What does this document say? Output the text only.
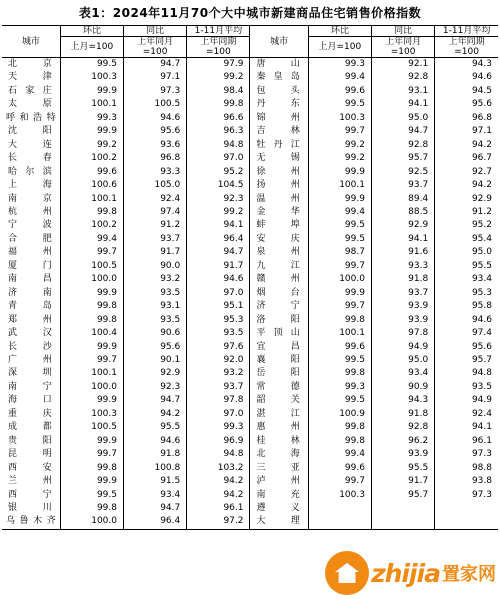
表1：2024年11月70个大中城市新建商品住宅销售价格指数
城市	环比	同比	1-11月平均	城市	环比	同比	1-11月平均
	上月=100	上年同月=100	上年同期=100		上月=100	上年同月=100	上年同期=100
北　京	99.5	94.7	97.9	唐　山	99.3	92.1	94.3
天　津	100.3	97.1	99.2	秦皇岛	99.4	92.8	94.6
石家庄	99.9	97.3	98.4	包　头	99.6	93.1	94.5
太　原	100.1	100.5	99.8	丹　东	99.5	94.1	95.6
呼和浩特	99.3	94.6	96.6	锦　州	100.3	95.0	96.8
沈　阳	99.9	95.6	96.3	吉　林	99.7	94.7	97.1
大　连	99.2	93.6	94.8	牡丹江	99.2	92.8	94.2
长　春	100.2	96.8	97.0	无　锡	99.2	95.7	96.7
哈尔滨	99.6	93.3	95.2	徐　州	99.9	92.5	92.7
上　海	100.6	105.0	104.5	扬　州	100.1	93.7	94.2
南　京	100.1	92.4	92.3	温　州	99.9	89.4	92.9
杭　州	99.8	97.4	99.2	金　华	99.4	88.5	91.2
宁　波	100.2	91.2	94.1	蚌　埠	99.5	92.9	95.2
合　肥	99.4	93.7	96.4	安　庆	99.5	94.1	95.4
福　州	99.7	91.7	94.7	泉　州	98.7	91.6	95.0
厦　门	100.5	90.0	91.7	九　江	99.7	93.3	95.5
南　昌	100.0	93.2	94.6	赣　州	100.0	91.8	93.4
济　南	99.9	93.5	97.0	烟　台	99.9	93.7	95.3
青　岛	99.8	93.1	95.1	济　宁	99.7	93.9	95.8
郑　州	99.8	93.5	95.3	洛　阳	99.8	93.9	94.6
武　汉	100.4	90.6	93.5	平顶山	100.1	97.8	97.4
长　沙	99.9	95.6	97.6	宜　昌	99.6	94.9	95.6
广　州	99.7	90.1	92.0	襄　阳	99.5	95.0	95.7
深　圳	100.1	92.9	93.2	岳　阳	99.8	93.4	94.8
南　宁	100.0	92.3	93.7	常　德	99.3	90.9	93.5
海　口	99.9	94.7	97.8	韶　关	99.5	94.3	94.9
重　庆	100.3	94.2	97.0	湛　江	100.9	91.8	92.4
成　都	100.5	95.5	99.3	惠　州	99.8	92.8	94.1
贵　阳	99.9	94.6	96.9	桂　林	99.8	96.2	96.1
昆　明	99.7	91.8	94.8	北　海	99.4	93.9	97.3
西　安	99.8	100.8	103.2	三　亚	99.6	95.5	98.8
兰　州	99.9	91.5	94.2	泸　州	99.7	91.7	93.8
西　宁	99.5	93.4	94.2	南　充	100.3	95.7	97.3
银　川	99.8	94.7	96.1	遵　义			
乌鲁木齐	100.0	96.4	97.2	大　理			
zhijia 置家网
